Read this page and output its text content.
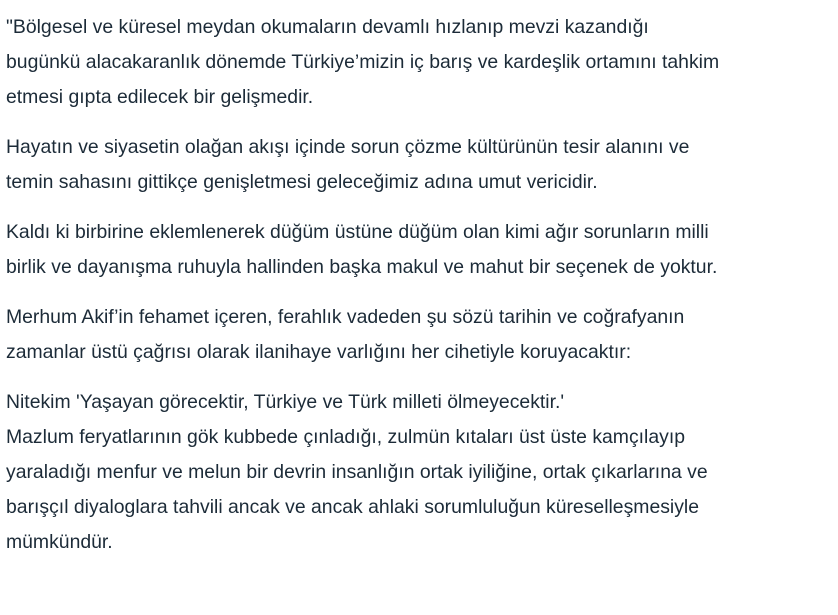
"Bölgesel ve küresel meydan okumaların devamlı hızlanıp mevzi kazandığı
bugünkü alacakaranlık dönemde Türkiye’mizin iç barış ve kardeşlik ortamını tahkim
etmesi gıpta edilecek bir gelişmedir.

Hayatın ve siyasetin olağan akışı içinde sorun çözme kültürünün tesir alanını ve
temin sahasını gittikçe genişletmesi geleceğimiz adına umut vericidir.

Kaldı ki birbirine eklemlenerek düğüm üstüne düğüm olan kimi ağır sorunların milli
birlik ve dayanışma ruhuyla hallinden başka makul ve mahut bir seçenek de yoktur.

Merhum Akif’in fehamet içeren, ferahlık vadeden şu sözü tarihin ve coğrafyanın
zamanlar üstü çağrısı olarak ilanihaye varlığını her cihetiyle koruyacaktır:

Nitekim 'Yaşayan görecektir, Türkiye ve Türk milleti ölmeyecektir.'
Mazlum feryatlarının gök kubbede çınladığı, zulmün kıtaları üst üste kamçılayıp
yaraladığı menfur ve melun bir devrin insanlığın ortak iyiliğine, ortak çıkarlarına ve
barışçıl diyaloglara tahvili ancak ve ancak ahlaki sorumluluğun küreselleşmesiyle
mümkündür.
